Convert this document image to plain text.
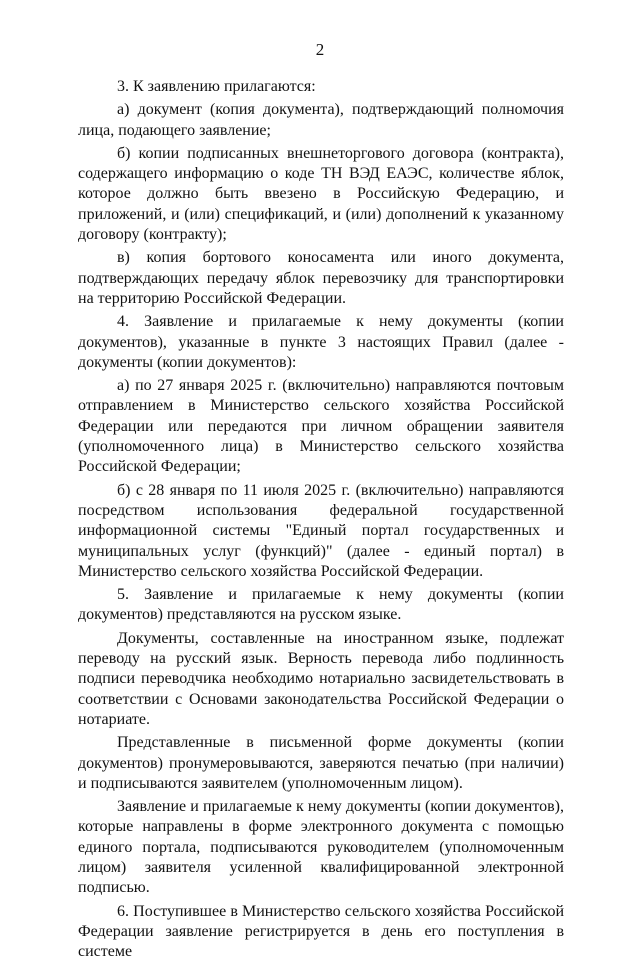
2

3. К заявлению прилагаются:

а) документ (копия документа), подтверждающий полномочия лица, подающего заявление;

б) копии подписанных внешнеторгового договора (контракта), содержащего информацию о коде ТН ВЭД ЕАЭС, количестве яблок, которое должно быть ввезено в Российскую Федерацию, и приложений, и (или) спецификаций, и (или) дополнений к указанному договору (контракту);

в) копия бортового коносамента или иного документа, подтверждающих передачу яблок перевозчику для транспортировки на территорию Российской Федерации.

4. Заявление и прилагаемые к нему документы (копии документов), указанные в пункте 3 настоящих Правил (далее - документы (копии документов):

а) по 27 января 2025 г. (включительно) направляются почтовым отправлением в Министерство сельского хозяйства Российской Федерации или передаются при личном обращении заявителя (уполномоченного лица) в Министерство сельского хозяйства Российской Федерации;

б) с 28 января по 11 июля 2025 г. (включительно) направляются посредством использования федеральной государственной информационной системы "Единый портал государственных и муниципальных услуг (функций)" (далее - единый портал) в Министерство сельского хозяйства Российской Федерации.

5. Заявление и прилагаемые к нему документы (копии документов) представляются на русском языке.

Документы, составленные на иностранном языке, подлежат переводу на русский язык. Верность перевода либо подлинность подписи переводчика необходимо нотариально засвидетельствовать в соответствии с Основами законодательства Российской Федерации о нотариате.

Представленные в письменной форме документы (копии документов) пронумеровываются, заверяются печатью (при наличии) и подписываются заявителем (уполномоченным лицом).

Заявление и прилагаемые к нему документы (копии документов), которые направлены в форме электронного документа с помощью единого портала, подписываются руководителем (уполномоченным лицом) заявителя усиленной квалифицированной электронной подписью.

6. Поступившее в Министерство сельского хозяйства Российской Федерации заявление регистрируется в день его поступления в системе
